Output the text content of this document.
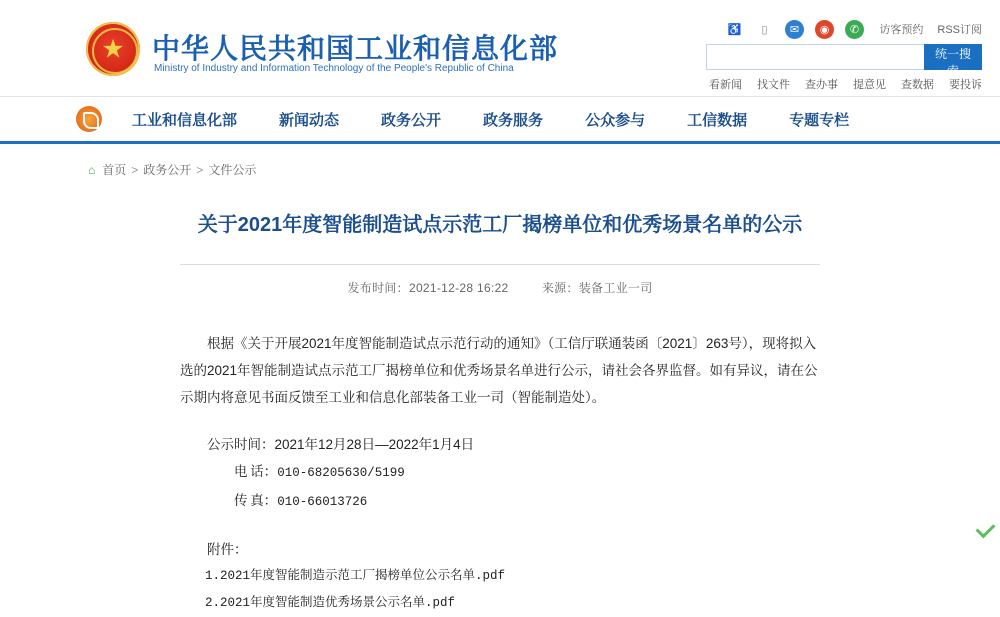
★ 中华人民共和国工业和信息化部
Ministry of Industry and Information Technology of the People's Republic of China
♿	▯	✉	◉	✆	访客预约 RSS订阅
统一搜索
看新闻 找文件 查办事 提意见 查数据 要投诉
工业和信息化部	新闻动态	政务公开	政务服务	公众参与	工信数据	专题专栏
⌂ 首页 > 政务公开 > 文件公示
关于2021年度智能制造试点示范工厂揭榜单位和优秀场景名单的公示
发布时间：2021-12-28 16:22	来源：装备工业一司

根据《关于开展2021年度智能制造试点示范行动的通知》（工信厅联通装函〔2021〕263号），现将拟入选的2021年智能制造试点示范工厂揭榜单位和优秀场景名单进行公示，请社会各界监督。如有异议，请在公示期内将意见书面反馈至工业和信息化部装备工业一司（智能制造处）。

公示时间：2021年12月28日—2022年1月4日

电 话：010-68205630/5199

传 真：010-66013726

附件：

1.2021年度智能制造示范工厂揭榜单位公示名单.pdf

2.2021年度智能制造优秀场景公示名单.pdf
